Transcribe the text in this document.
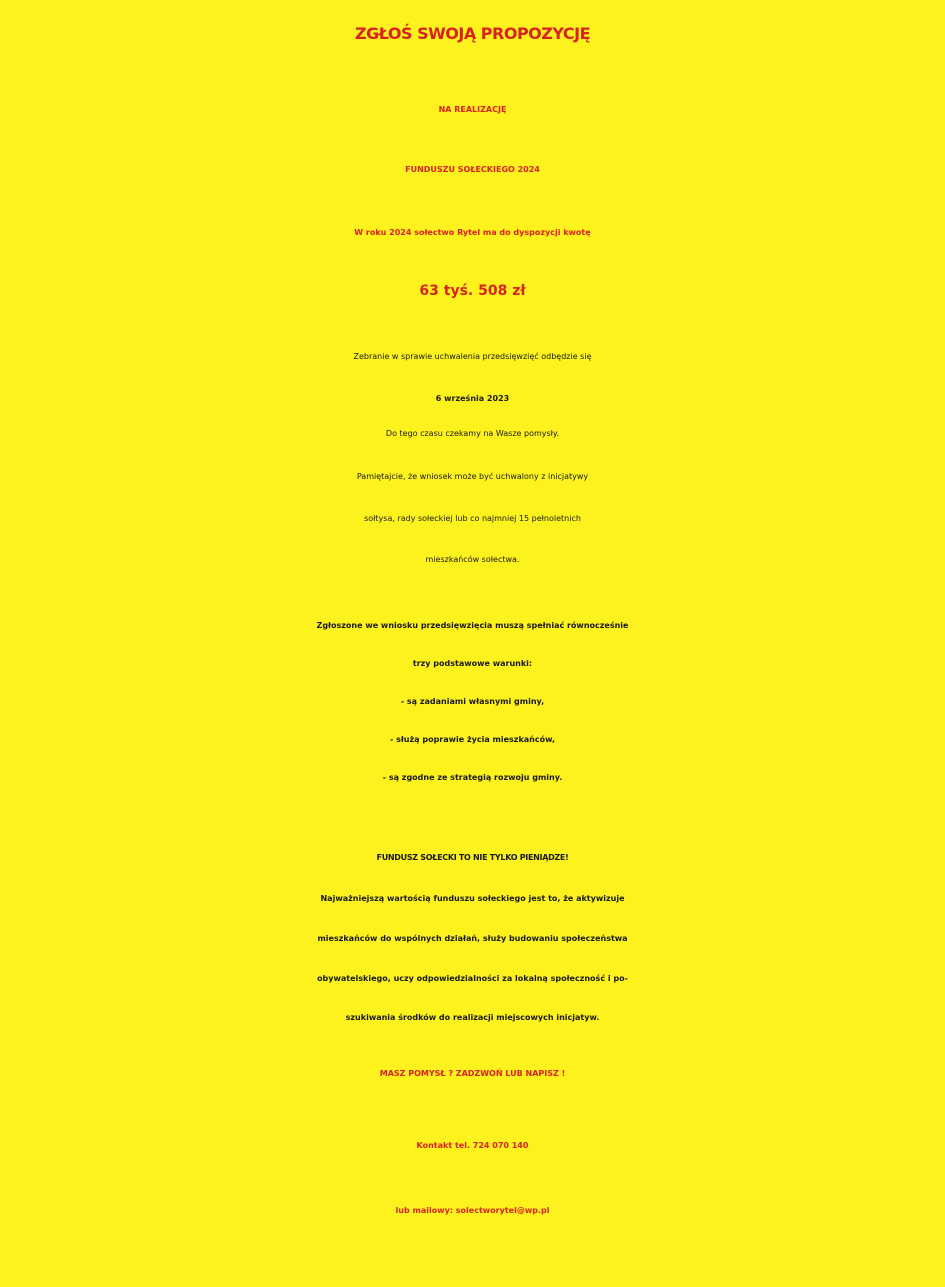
ZGŁOŚ SWOJĄ PROPOZYCJĘ
NA REALIZACJĘ
FUNDUSZU SOŁECKIEGO 2024
W roku 2024 sołectwo Rytel ma do dyspozycji kwotę
63 tyś. 508 zł
Zebranie w sprawie uchwalenia przedsięwzięć odbędzie się
6 września 2023
Do tego czasu czekamy na Wasze pomysły.
Pamiętajcie, że wniosek może być uchwalony z inicjatywy
sołtysa, rady sołeckiej lub co najmniej 15 pełnoletnich
mieszkańców sołectwa.
Zgłoszone we wniosku przedsięwzięcia muszą spełniać równocześnie
trzy podstawowe warunki:
- są zadaniami własnymi gminy,
- służą poprawie życia mieszkańców,
- są zgodne ze strategią rozwoju gminy.
FUNDUSZ SOŁECKI TO NIE TYLKO PIENIĄDZE!
Najważniejszą wartością funduszu sołeckiego jest to, że aktywizuje
mieszkańców do wspólnych działań, służy budowaniu społeczeństwa
obywatelskiego, uczy odpowiedzialności za lokalną społeczność i po-
szukiwania środków do realizacji miejscowych inicjatyw.
MASZ POMYSŁ ? ZADZWOŃ LUB NAPISZ !
Kontakt tel. 724 070 140
lub mailowy: solectworytel@wp.pl
